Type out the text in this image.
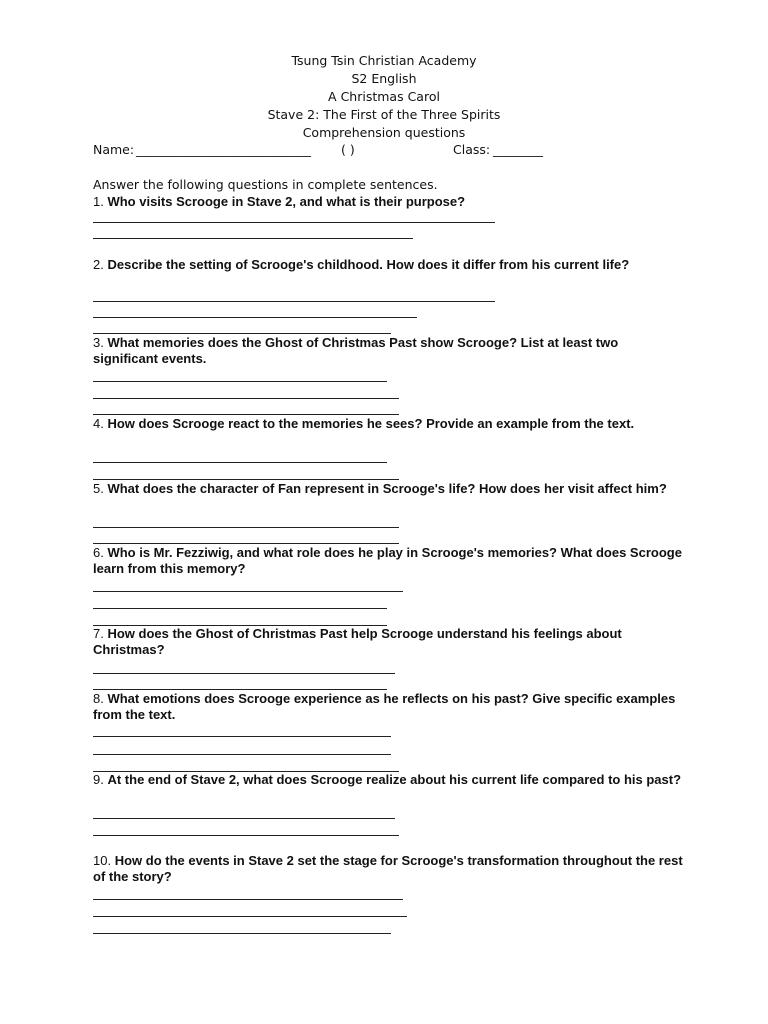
Tsung Tsin Christian Academy
S2 English
A Christmas Carol
Stave 2: The First of the Three Spirits
Comprehension questions
Name: ____________________________ ( )	Class: ________
Answer the following questions in complete sentences.
1. Who visits Scrooge in Stave 2, and what is their purpose?
2. Describe the setting of Scrooge's childhood. How does it differ from his current life?
3. What memories does the Ghost of Christmas Past show Scrooge? List at least two significant events.
4. How does Scrooge react to the memories he sees? Provide an example from the text.
5. What does the character of Fan represent in Scrooge's life? How does her visit affect him?
6. Who is Mr. Fezziwig, and what role does he play in Scrooge's memories? What does Scrooge learn from this memory?
7. How does the Ghost of Christmas Past help Scrooge understand his feelings about Christmas?
8. What emotions does Scrooge experience as he reflects on his past? Give specific examples from the text.
9. At the end of Stave 2, what does Scrooge realize about his current life compared to his past?
10. How do the events in Stave 2 set the stage for Scrooge's transformation throughout the rest of the story?
